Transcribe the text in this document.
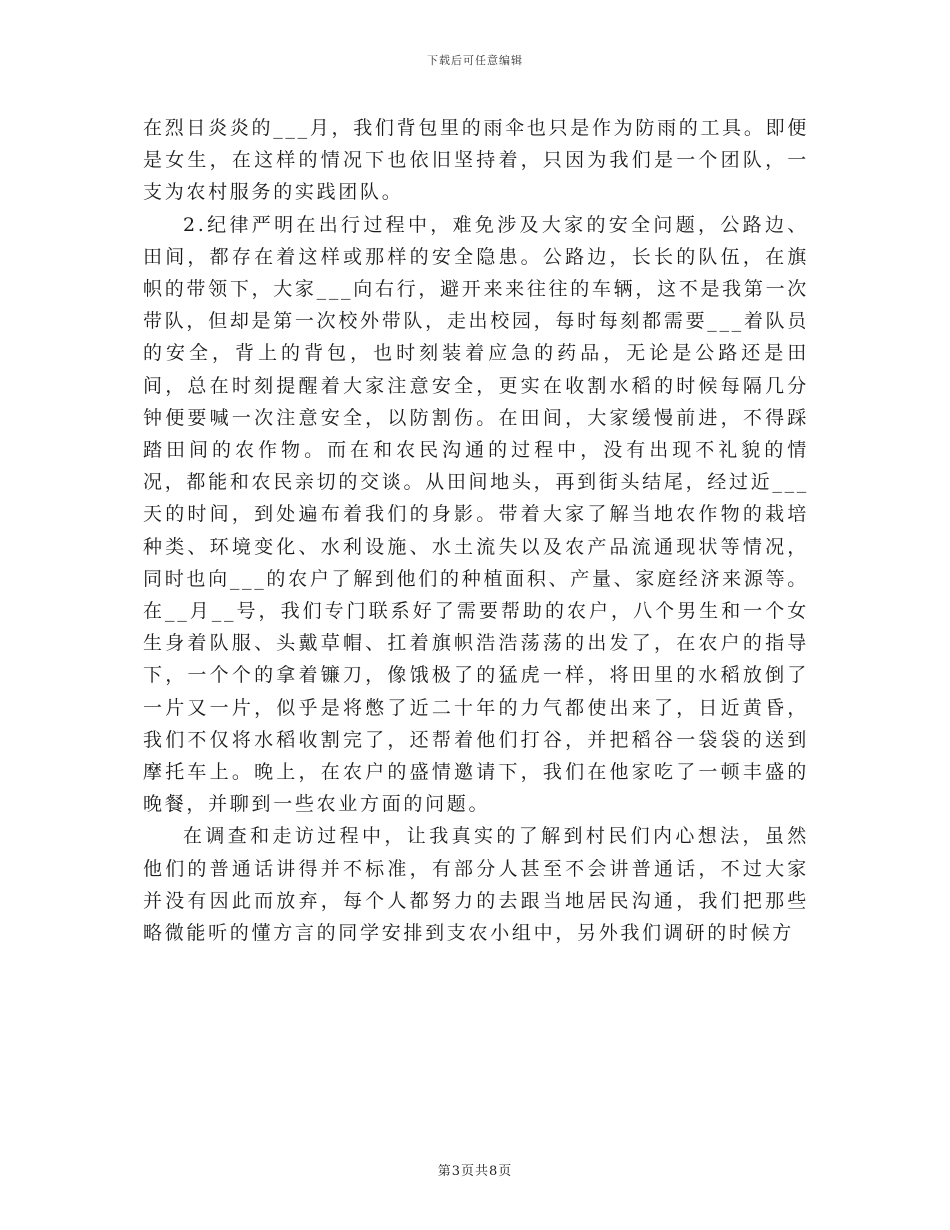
下载后可任意编辑

在烈日炎炎的___月，我们背包里的雨伞也只是作为防雨的工具。即便是女生，在这样的情况下也依旧坚持着，只因为我们是一个团队，一支为农村服务的实践团队。

2.纪律严明在出行过程中，难免涉及大家的安全问题，公路边、田间，都存在着这样或那样的安全隐患。公路边，长长的队伍，在旗帜的带领下，大家___向右行，避开来来往往的车辆，这不是我第一次带队，但却是第一次校外带队，走出校园，每时每刻都需要___着队员的安全，背上的背包，也时刻装着应急的药品，无论是公路还是田间，总在时刻提醒着大家注意安全，更实在收割水稻的时候每隔几分钟便要喊一次注意安全，以防割伤。在田间，大家缓慢前进，不得踩踏田间的农作物。而在和农民沟通的过程中，没有出现不礼貌的情况，都能和农民亲切的交谈。从田间地头，再到街头结尾，经过近___天的时间，到处遍布着我们的身影。带着大家了解当地农作物的栽培种类、环境变化、水利设施、水土流失以及农产品流通现状等情况，同时也向___的农户了解到他们的种植面积、产量、家庭经济来源等。在__月__号，我们专门联系好了需要帮助的农户，八个男生和一个女生身着队服、头戴草帽、扛着旗帜浩浩荡荡的出发了，在农户的指导下，一个个的拿着镰刀，像饿极了的猛虎一样，将田里的水稻放倒了一片又一片，似乎是将憋了近二十年的力气都使出来了，日近黄昏，我们不仅将水稻收割完了，还帮着他们打谷，并把稻谷一袋袋的送到摩托车上。晚上，在农户的盛情邀请下，我们在他家吃了一顿丰盛的晚餐，并聊到一些农业方面的问题。

在调查和走访过程中，让我真实的了解到村民们内心想法，虽然他们的普通话讲得并不标准，有部分人甚至不会讲普通话，不过大家并没有因此而放弃，每个人都努力的去跟当地居民沟通，我们把那些略微能听的懂方言的同学安排到支农小组中，另外我们调研的时候方

第3页共8页
